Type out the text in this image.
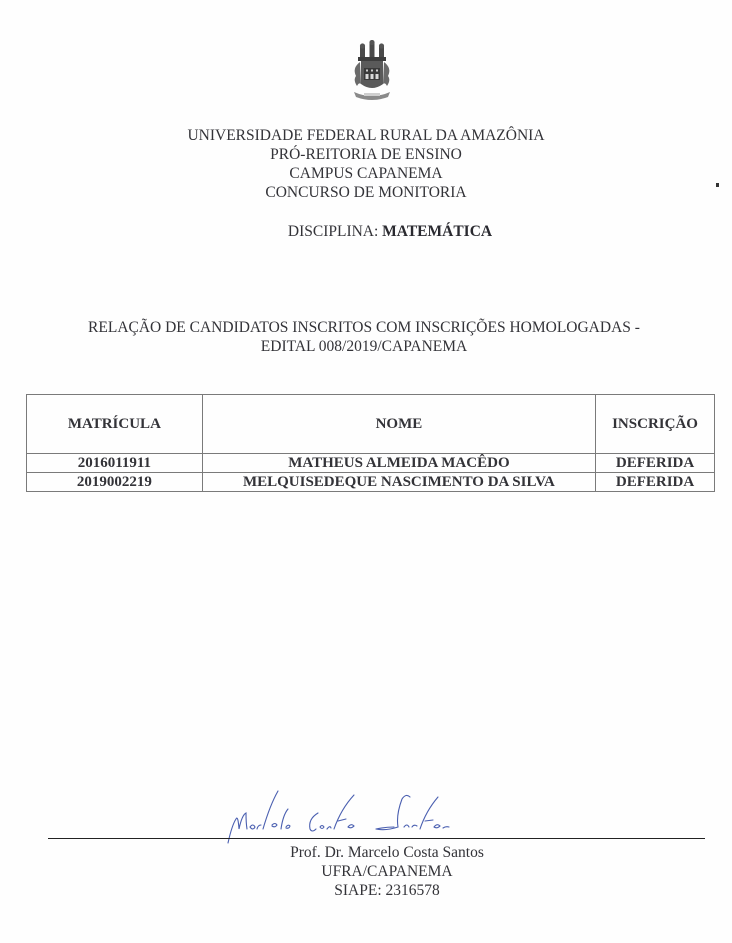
UNIVERSIDADE FEDERAL RURAL DA AMAZÔNIA
PRÓ-REITORIA DE ENSINO
CAMPUS CAPANEMA
CONCURSO DE MONITORIA
DISCIPLINA: MATEMÁTICA
RELAÇÃO DE CANDIDATOS INSCRITOS COM INSCRIÇÕES HOMOLOGADAS -
EDITAL 008/2019/CAPANEMA
MATRÍCULA	NOME	INSCRIÇÃO
2016011911	MATHEUS ALMEIDA MACÊDO	DEFERIDA
2019002219	MELQUISEDEQUE NASCIMENTO DA SILVA	DEFERIDA
Prof. Dr. Marcelo Costa Santos
UFRA/CAPANEMA
SIAPE: 2316578
